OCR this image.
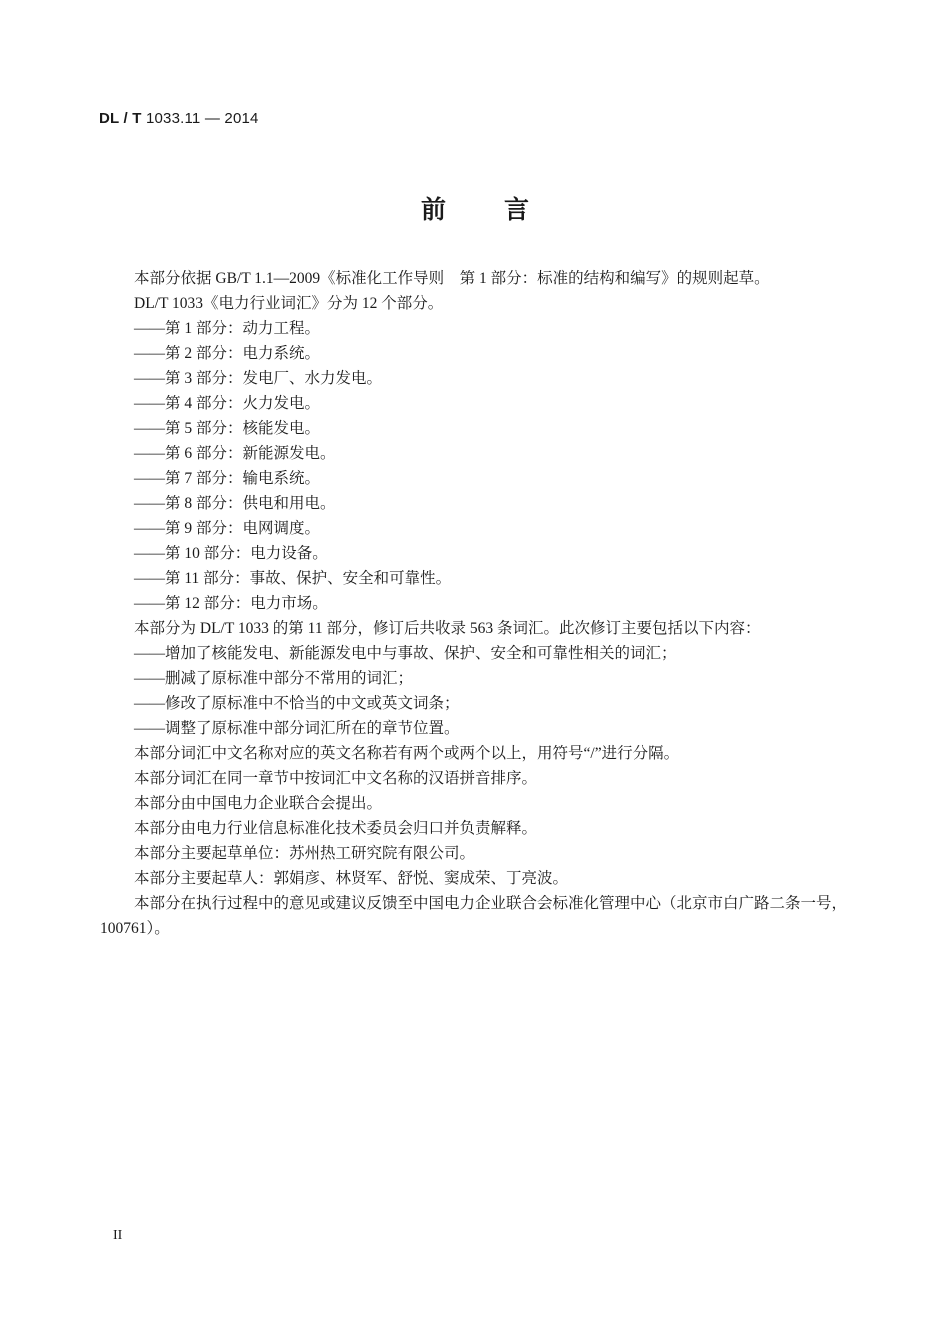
DL / T 1033.11 — 2014
前言

本部分依据 GB/T 1.1—2009《标准化工作导则　第 1 部分：标准的结构和编写》的规则起草。

DL/T 1033《电力行业词汇》分为 12 个部分。

——第 1 部分：动力工程。

——第 2 部分：电力系统。

——第 3 部分：发电厂、水力发电。

——第 4 部分：火力发电。

——第 5 部分：核能发电。

——第 6 部分：新能源发电。

——第 7 部分：输电系统。

——第 8 部分：供电和用电。

——第 9 部分：电网调度。

——第 10 部分：电力设备。

——第 11 部分：事故、保护、安全和可靠性。

——第 12 部分：电力市场。

本部分为 DL/T 1033 的第 11 部分，修订后共收录 563 条词汇。此次修订主要包括以下内容：

——增加了核能发电、新能源发电中与事故、保护、安全和可靠性相关的词汇；

——删减了原标准中部分不常用的词汇；

——修改了原标准中不恰当的中文或英文词条；

——调整了原标准中部分词汇所在的章节位置。

本部分词汇中文名称对应的英文名称若有两个或两个以上，用符号“/”进行分隔。

本部分词汇在同一章节中按词汇中文名称的汉语拼音排序。

本部分由中国电力企业联合会提出。

本部分由电力行业信息标准化技术委员会归口并负责解释。

本部分主要起草单位：苏州热工研究院有限公司。

本部分主要起草人：郭娟彦、林贤军、舒悦、窦成荣、丁亮波。

本部分在执行过程中的意见或建议反馈至中国电力企业联合会标准化管理中心（北京市白广路二条一号，100761）。

II
